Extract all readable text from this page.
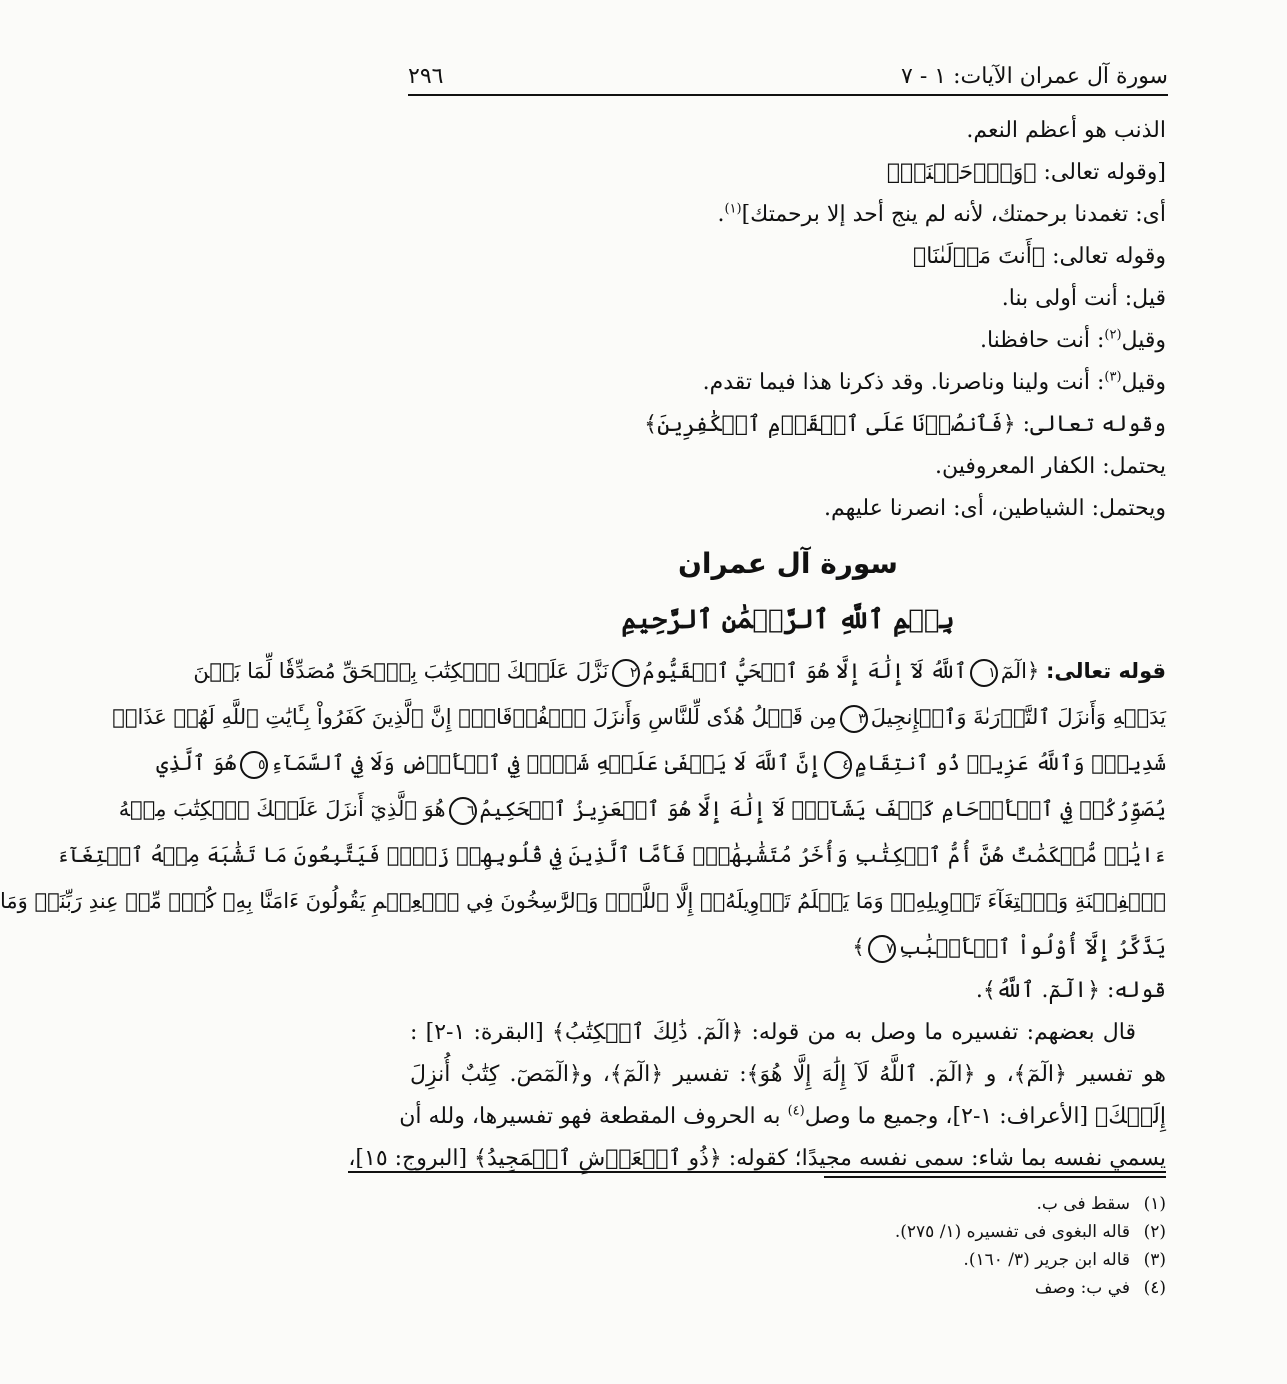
سورة آل عمران الآيات: ١ - ٧
٢٩٦
الذنب هو أعظم النعم.
[وقوله تعالى: ﴿وَٱرۡحَمۡنَآۚ﴾
أى: تغمدنا برحمتك، لأنه لم ينج أحد إلا برحمتك]$^{(١)}$.
وقوله تعالى: ﴿أَنتَ مَوۡلَىٰنَا﴾
قيل: أنت أولى بنا.
وقيل$^{(٢)}$: أنت حافظنا.
وقيل$^{(٣)}$: أنت ولينا وناصرنا. وقد ذكرنا هذا فيما تقدم.
وقوله تعالى: ﴿فَٱنصُرۡنَا عَلَى ٱلۡقَوۡمِ ٱلۡكَٰفِرِينَ﴾
يحتمل: الكفار المعروفين.
ويحتمل: الشياطين، أى: انصرنا عليهم.
سورة آل عمران
بِسۡمِ ٱللَّهِ ٱلرَّحۡمَٰنِ ٱلرَّحِيمِ
قوله تعالى: ﴿الٓمٓ١ٱللَّهُ لَآ إِلَٰهَ إِلَّا هُوَ ٱلۡحَيُّ ٱلۡقَيُّومُ٢نَزَّلَ عَلَيۡكَ ٱلۡكِتَٰبَ بِٱلۡحَقِّ مُصَدِّقٗا لِّمَا بَيۡنَ
يَدَيۡهِ وَأَنزَلَ ٱلتَّوۡرَىٰةَ وَٱلۡإِنجِيلَ٣مِن قَبۡلُ هُدٗى لِّلنَّاسِ وَأَنزَلَ ٱلۡفُرۡقَانَۗ إِنَّ ٱلَّذِينَ كَفَرُواْ بِـَٔايَٰتِ ٱللَّهِ لَهُمۡ عَذَابٞ
شَدِيدٞۗ وَٱللَّهُ عَزِيزٞ ذُو ٱنتِقَامٍ٤إِنَّ ٱللَّهَ لَا يَخۡفَىٰ عَلَيۡهِ شَيۡءٞ فِي ٱلۡأَرۡضِ وَلَا فِي ٱلسَّمَآءِ٥هُوَ ٱلَّذِي
يُصَوِّرُكُمۡ فِي ٱلۡأَرۡحَامِ كَيۡفَ يَشَآءُۚ لَآ إِلَٰهَ إِلَّا هُوَ ٱلۡعَزِيزُ ٱلۡحَكِيمُ٦هُوَ ٱلَّذِيٓ أَنزَلَ عَلَيۡكَ ٱلۡكِتَٰبَ مِنۡهُ
ءَايَٰتٞ مُّحۡكَمَٰتٌ هُنَّ أُمُّ ٱلۡكِتَٰبِ وَأُخَرُ مُتَشَٰبِهَٰتٞۖ فَأَمَّا ٱلَّذِينَ فِي قُلُوبِهِمۡ زَيۡغٞ فَيَتَّبِعُونَ مَا تَشَٰبَهَ مِنۡهُ ٱبۡتِغَآءَ
ٱلۡفِتۡنَةِ وَٱبۡتِغَآءَ تَأۡوِيلِهِۦۖ وَمَا يَعۡلَمُ تَأۡوِيلَهُۥٓ إِلَّا ٱللَّهُۗ وَٱلرَّٰسِخُونَ فِي ٱلۡعِلۡمِ يَقُولُونَ ءَامَنَّا بِهِۦ كُلّٞ مِّنۡ عِندِ رَبِّنَاۗ وَمَا
يَذَّكَّرُ إِلَّآ أُوْلُواْ ٱلۡأَلۡبَٰبِ٧﴾
قوله: ﴿الٓمٓ. ٱللَّهُ﴾.
قال بعضهم: تفسيره ما وصل به من قوله: ﴿الٓمٓ. ذَٰلِكَ ٱلۡكِتَٰبُ﴾ [البقرة: ١-٢] :
هو تفسير ﴿الٓمٓ﴾، و ﴿الٓمٓ. ٱللَّهُ لَآ إِلَٰهَ إِلَّا هُوَ﴾: تفسير ﴿الٓمٓ﴾، و﴿الٓمٓصٓ. كِتَٰبٌ أُنزِلَ
إِلَيۡكَ﴾ [الأعراف: ١-٢]، وجميع ما وصل$^{(٤)}$ به الحروف المقطعة فهو تفسيرها، ولله أن
يسمي نفسه بما شاء: سمى نفسه مجيدًا؛ كقوله: ﴿ذُو ٱلۡعَرۡشِ ٱلۡمَجِيدُ﴾ [البروج: ١٥]،
(١)سقط فى ب.
(٢)قاله البغوى فى تفسيره (١/ ٢٧٥).
(٣)قاله ابن جرير (٣/ ١٦٠).
(٤)في ب: وصف
